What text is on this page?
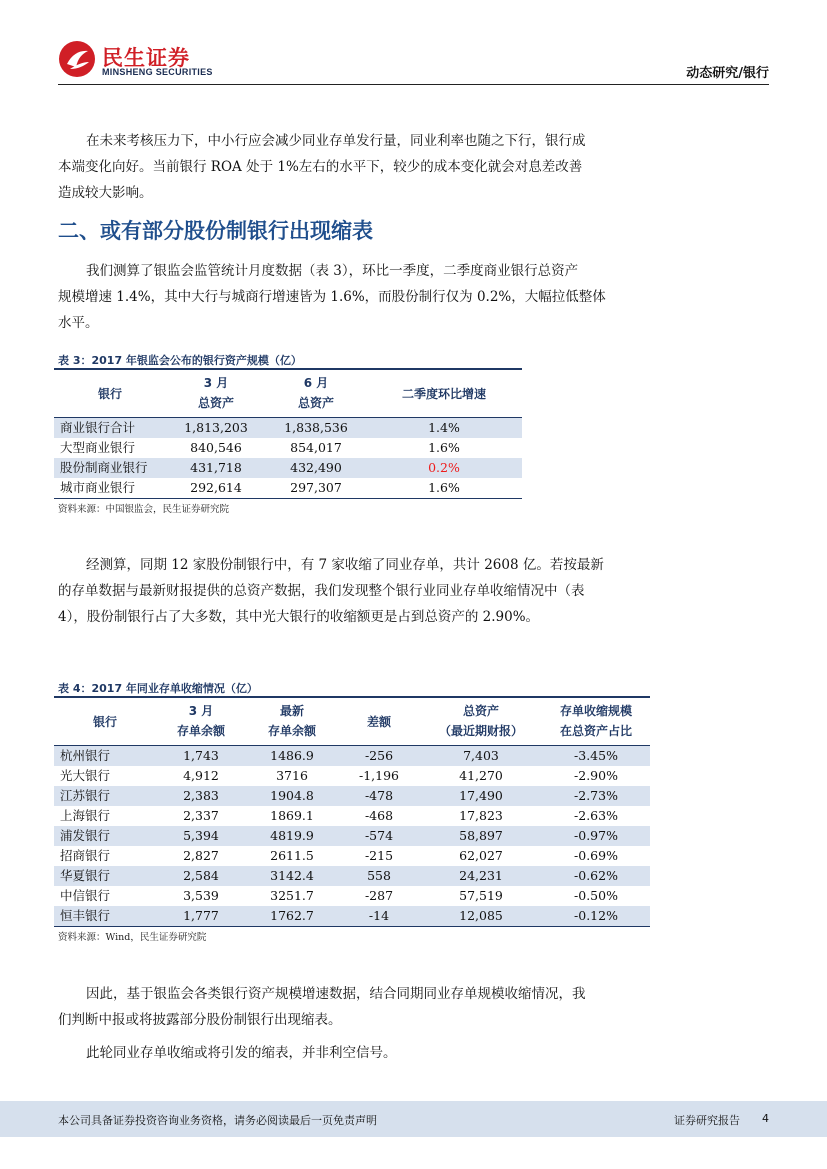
民生证券
MINSHENG SECURITIES	动态研究/银行
在未来考核压力下，中小行应会减少同业存单发行量，同业利率也随之下行，银行成
本端变化向好。当前银行 ROA 处于 1%左右的水平下，较少的成本变化就会对息差改善
造成较大影响。
二、或有部分股份制银行出现缩表
我们测算了银监会监管统计月度数据（表 3），环比一季度，二季度商业银行总资产
规模增速 1.4%，其中大行与城商行增速皆为 1.6%，而股份制行仅为 0.2%，大幅拉低整体
水平。
表 3：2017 年银监会公布的银行资产规模（亿）
银行	3 月	6 月	二季度环比增速
	总资产	总资产	
商业银行合计	1,813,203	1,838,536	1.4%
大型商业银行	840,546	854,017	1.6%
股份制商业银行	431,718	432,490	0.2%
城市商业银行	292,614	297,307	1.6%
资料来源：中国银监会，民生证券研究院
经测算，同期 12 家股份制银行中，有 7 家收缩了同业存单，共计 2608 亿。若按最新
的存单数据与最新财报提供的总资产数据，我们发现整个银行业同业存单收缩情况中（表
4），股份制银行占了大多数，其中光大银行的收缩额更是占到总资产的 2.90%。
表 4：2017 年同业存单收缩情况（亿）
银行	3 月	最新	差额	总资产	存单收缩规模
	存单余额	存单余额		（最近期财报）	在总资产占比
杭州银行	1,743	1486.9	-256	7,403	-3.45%
光大银行	4,912	3716	-1,196	41,270	-2.90%
江苏银行	2,383	1904.8	-478	17,490	-2.73%
上海银行	2,337	1869.1	-468	17,823	-2.63%
浦发银行	5,394	4819.9	-574	58,897	-0.97%
招商银行	2,827	2611.5	-215	62,027	-0.69%
华夏银行	2,584	3142.4	558	24,231	-0.62%
中信银行	3,539	3251.7	-287	57,519	-0.50%
恒丰银行	1,777	1762.7	-14	12,085	-0.12%
资料来源：Wind，民生证券研究院
因此，基于银监会各类银行资产规模增速数据，结合同期同业存单规模收缩情况，我
们判断中报或将披露部分股份制银行出现缩表。
此轮同业存单收缩或将引发的缩表，并非利空信号。
本公司具备证券投资咨询业务资格，请务必阅读最后一页免责声明	证券研究报告 4
